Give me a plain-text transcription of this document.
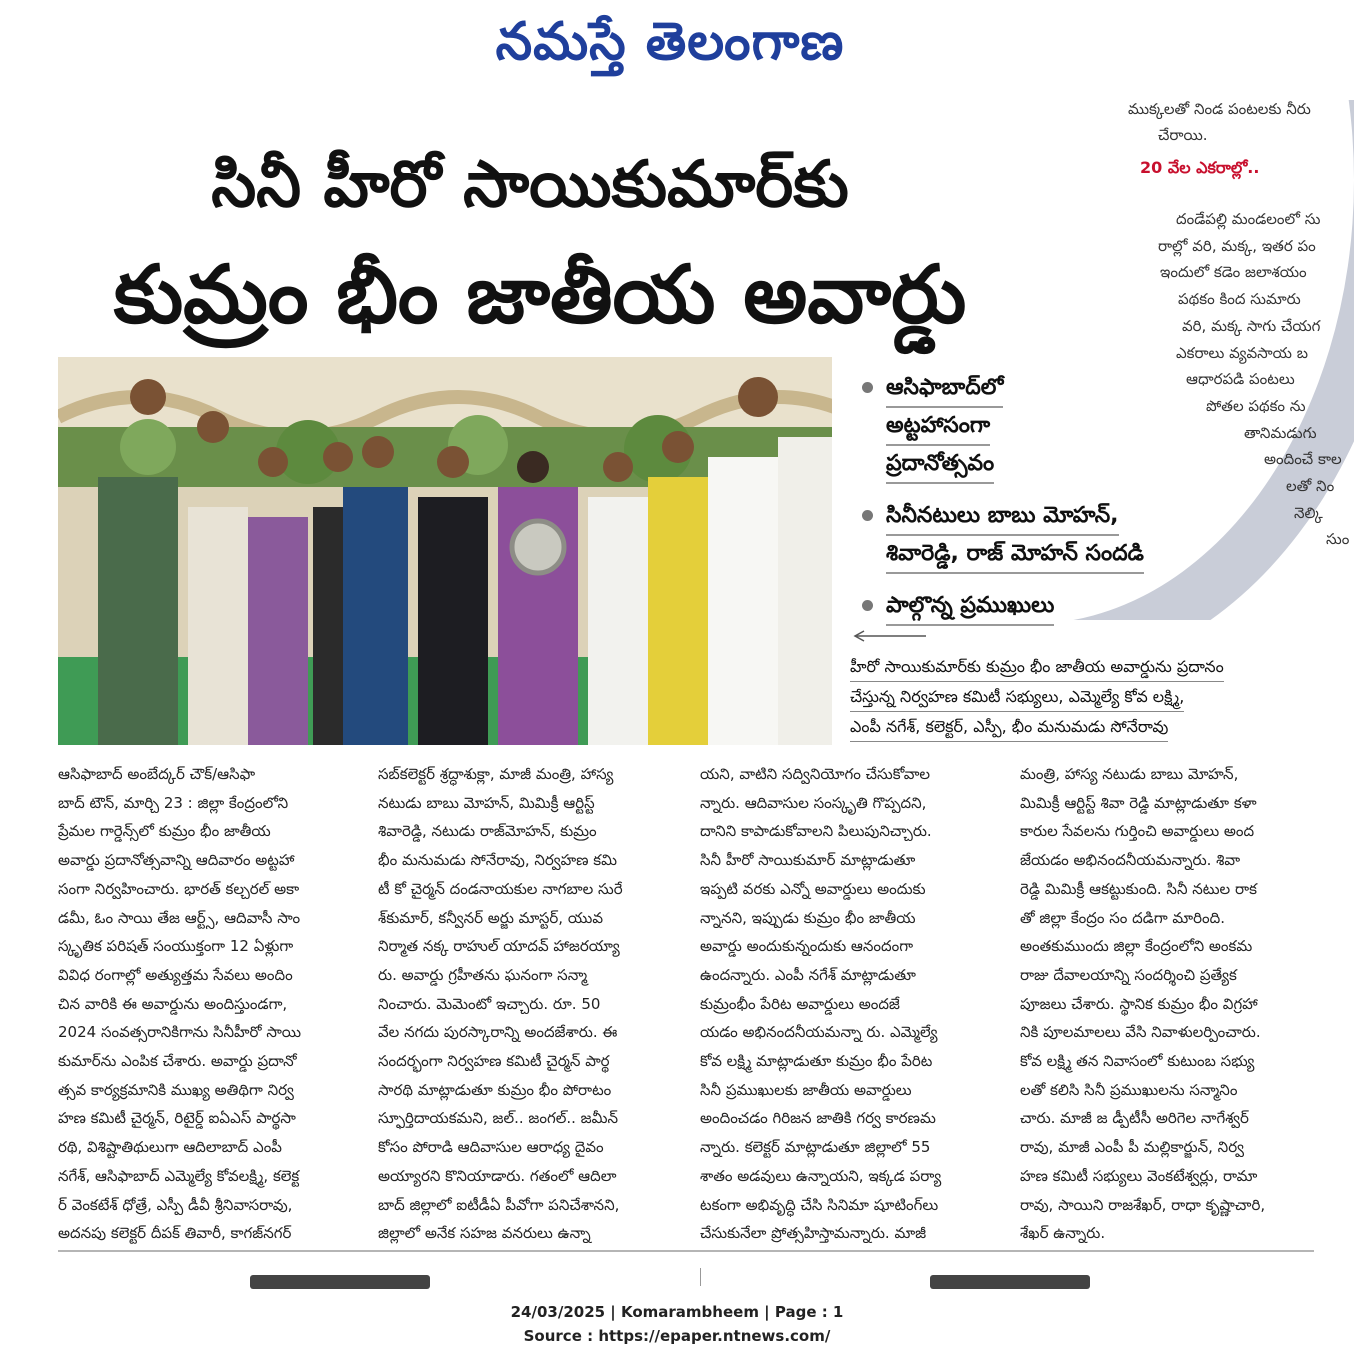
నమస్తే తెలంగాణ
ముక్కలతో నిండ పంటలకు నీరు
చేరాయి.
20 వేల ఎకరాల్లో..
దండేపల్లి మండలంలో సు
రాల్లో వరి, మక్క, ఇతర పం
ఇందులో కడెం జలాశయం
పథకం కింద సుమారు
వరి, మక్క సాగు చేయగ
ఎకరాలు వ్యవసాయ బ
ఆధారపడి పంటలు
పోతల పథకం ను
తానిమడుగు
అందించే కాల
లతో నిం
నెల్కి
సుం
సినీ హీరో సాయికుమార్‌కు
కుమ్రం భీం జాతీయ అవార్డు
ఆసిఫాబాద్‌లో
అట్టహాసంగా
ప్రదానోత్సవం
సినీనటులు బాబు మోహన్‌,
శివారెడ్డి, రాజ్‌ మోహన్‌ సందడి
పాల్గొన్న ప్రముఖులు
హీరో సాయికుమార్‌కు కుమ్రం భీం జాతీయ అవార్డును ప్రదానం
చేస్తున్న నిర్వహణ కమిటీ సభ్యులు, ఎమ్మెల్యే కోవ లక్ష్మి,
ఎంపీ నగేశ్‌, కలెక్టర్‌, ఎస్పీ, భీం మనుమడు సోనేరావు
ఆసిఫాబాద్‌ అంబేద్కర్‌ చౌక్‌/ఆసిఫా
బాద్‌ టౌన్‌, మార్చి 23 : జిల్లా కేంద్రంలోని
ప్రేమల గార్డెన్స్‌లో కుమ్రం భీం జాతీయ
అవార్డు ప్రదానోత్సవాన్ని ఆదివారం అట్టహా
సంగా నిర్వహించారు. భారత్‌ కల్చరల్‌ అకా
డమీ, ఓం సాయి తేజ ఆర్ట్స్‌, ఆదివాసీ సాం
స్కృతిక పరిషత్‌ సంయుక్తంగా 12 ఏళ్లుగా
వివిధ రంగాల్లో అత్యుత్తమ సేవలు అందిం
చిన వారికి ఈ అవార్డును అందిస్తుండగా,
2024 సంవత్సరానికిగాను సినీహీరో సాయి
కుమార్‌ను ఎంపిక చేశారు. అవార్డు ప్రదానో
త్సవ కార్యక్రమానికి ముఖ్య అతిథిగా నిర్వ
హణ కమిటీ చైర్మన్‌, రిటైర్డ్‌ ఐఏఎస్‌ పార్థసా
రథి, విశిష్టాతిథులుగా ఆదిలాబాద్‌ ఎంపీ
నగేశ్‌, ఆసిఫాబాద్‌ ఎమ్మెల్యే కోవలక్ష్మి, కలెక్ట
ర్‌ వెంకటేశ్‌ ధోత్రే, ఎస్పీ డీవీ శ్రీనివాసరావు,
అదనపు కలెక్టర్‌ దీపక్‌ తివారీ, కాగజ్‌నగర్‌
సబ్‌కలెక్టర్‌ శ్రద్ధాశుక్లా, మాజీ మంత్రి, హాస్య
నటుడు బాబు మోహన్‌, మిమిక్రీ ఆర్టిస్ట్‌
శివారెడ్డి, నటుడు రాజ్‌మోహన్‌, కుమ్రం
భీం మనుమడు సోనేరావు, నిర్వహణ కమి
టీ కో చైర్మన్‌ దండనాయకుల నాగబాల సురే
శ్‌కుమార్‌, కన్వీనర్‌ అర్జు మాస్టర్‌, యువ
నిర్మాత నక్క రాహుల్‌ యాదవ్‌ హాజరయ్యా
రు. అవార్డు గ్రహీతను ఘనంగా సన్మా
నించారు. మెమెంటో ఇచ్చారు. రూ. 50
వేల నగదు పురస్కారాన్ని అందజేశారు. ఈ
సందర్భంగా నిర్వహణ కమిటీ చైర్మన్‌ పార్థ
సారథి మాట్లాడుతూ కుమ్రం భీం పోరాటం
స్ఫూర్తిదాయకమని, జల్‌.. జంగల్‌.. జమీన్‌
కోసం పోరాడి ఆదివాసుల ఆరాధ్య దైవం
అయ్యారని కొనియాడారు. గతంలో ఆదిలా
బాద్‌ జిల్లాలో ఐటీడీఏ పీవోగా పనిచేశానని,
జిల్లాలో అనేక సహజ వనరులు ఉన్నా
యని, వాటిని సద్వినియోగం చేసుకోవాల
న్నారు. ఆదివాసుల సంస్కృతి గొప్పదని,
దానిని కాపాడుకోవాలని పిలుపునిచ్చారు.
సినీ హీరో సాయికుమార్‌ మాట్లాడుతూ
ఇప్పటి వరకు ఎన్నో అవార్డులు అందుకు
న్నానని, ఇప్పుడు కుమ్రం భీం జాతీయ
అవార్డు అందుకున్నందుకు ఆనందంగా
ఉందన్నారు. ఎంపీ నగేశ్‌ మాట్లాడుతూ
కుమ్రంభీం పేరిట అవార్డులు అందజే
యడం అభినందనీయమన్నా రు. ఎమ్మెల్యే
కోవ లక్ష్మి మాట్లాడుతూ కుమ్రం భీం పేరిట
సినీ ప్రముఖులకు జాతీయ అవార్డులు
అందించడం గిరిజన జాతికి గర్వ కారణమ
న్నారు. కలెక్టర్‌ మాట్లాడుతూ జిల్లాలో 55
శాతం అడవులు ఉన్నాయని, ఇక్కడ పర్యా
టకంగా అభివృద్ధి చేసి సినిమా షూటింగ్‌లు
చేసుకునేలా ప్రోత్సహిస్తామన్నారు. మాజీ
మంత్రి, హాస్య నటుడు బాబు మోహన్‌,
మిమిక్రీ ఆర్టిస్ట్‌ శివా రెడ్డి మాట్లాడుతూ కళా
కారుల సేవలను గుర్తించి అవార్డులు అంద
జేయడం అభినందనీయమన్నారు. శివా
రెడ్డి మిమిక్రీ ఆకట్టుకుంది. సినీ నటుల రాక
తో జిల్లా కేంద్రం సం దడిగా మారింది.
అంతకుముందు జిల్లా కేంద్రంలోని అంకమ
రాజు దేవాలయాన్ని సందర్శించి ప్రత్యేక
పూజలు చేశారు. స్థానిక కుమ్రం భీం విగ్రహా
నికి పూలమాలలు వేసి నివాళులర్పించారు.
కోవ లక్ష్మి తన నివాసంలో కుటుంబ సభ్యు
లతో కలిసి సినీ ప్రముఖులను సన్మానిం
చారు. మాజీ జ డ్పీటీసీ అరిగెల నాగేశ్వర్‌
రావు, మాజీ ఎంపీ పీ మల్లికార్జున్‌, నిర్వ
హణ కమిటీ సభ్యులు వెంకటేశ్వర్లు, రామా
రావు, సాయిని రాజశేఖర్‌, రాధా కృష్ణాచారి,
శేఖర్‌ ఉన్నారు.
24/03/2025 | Komarambheem | Page : 1
Source : https://epaper.ntnews.com/
